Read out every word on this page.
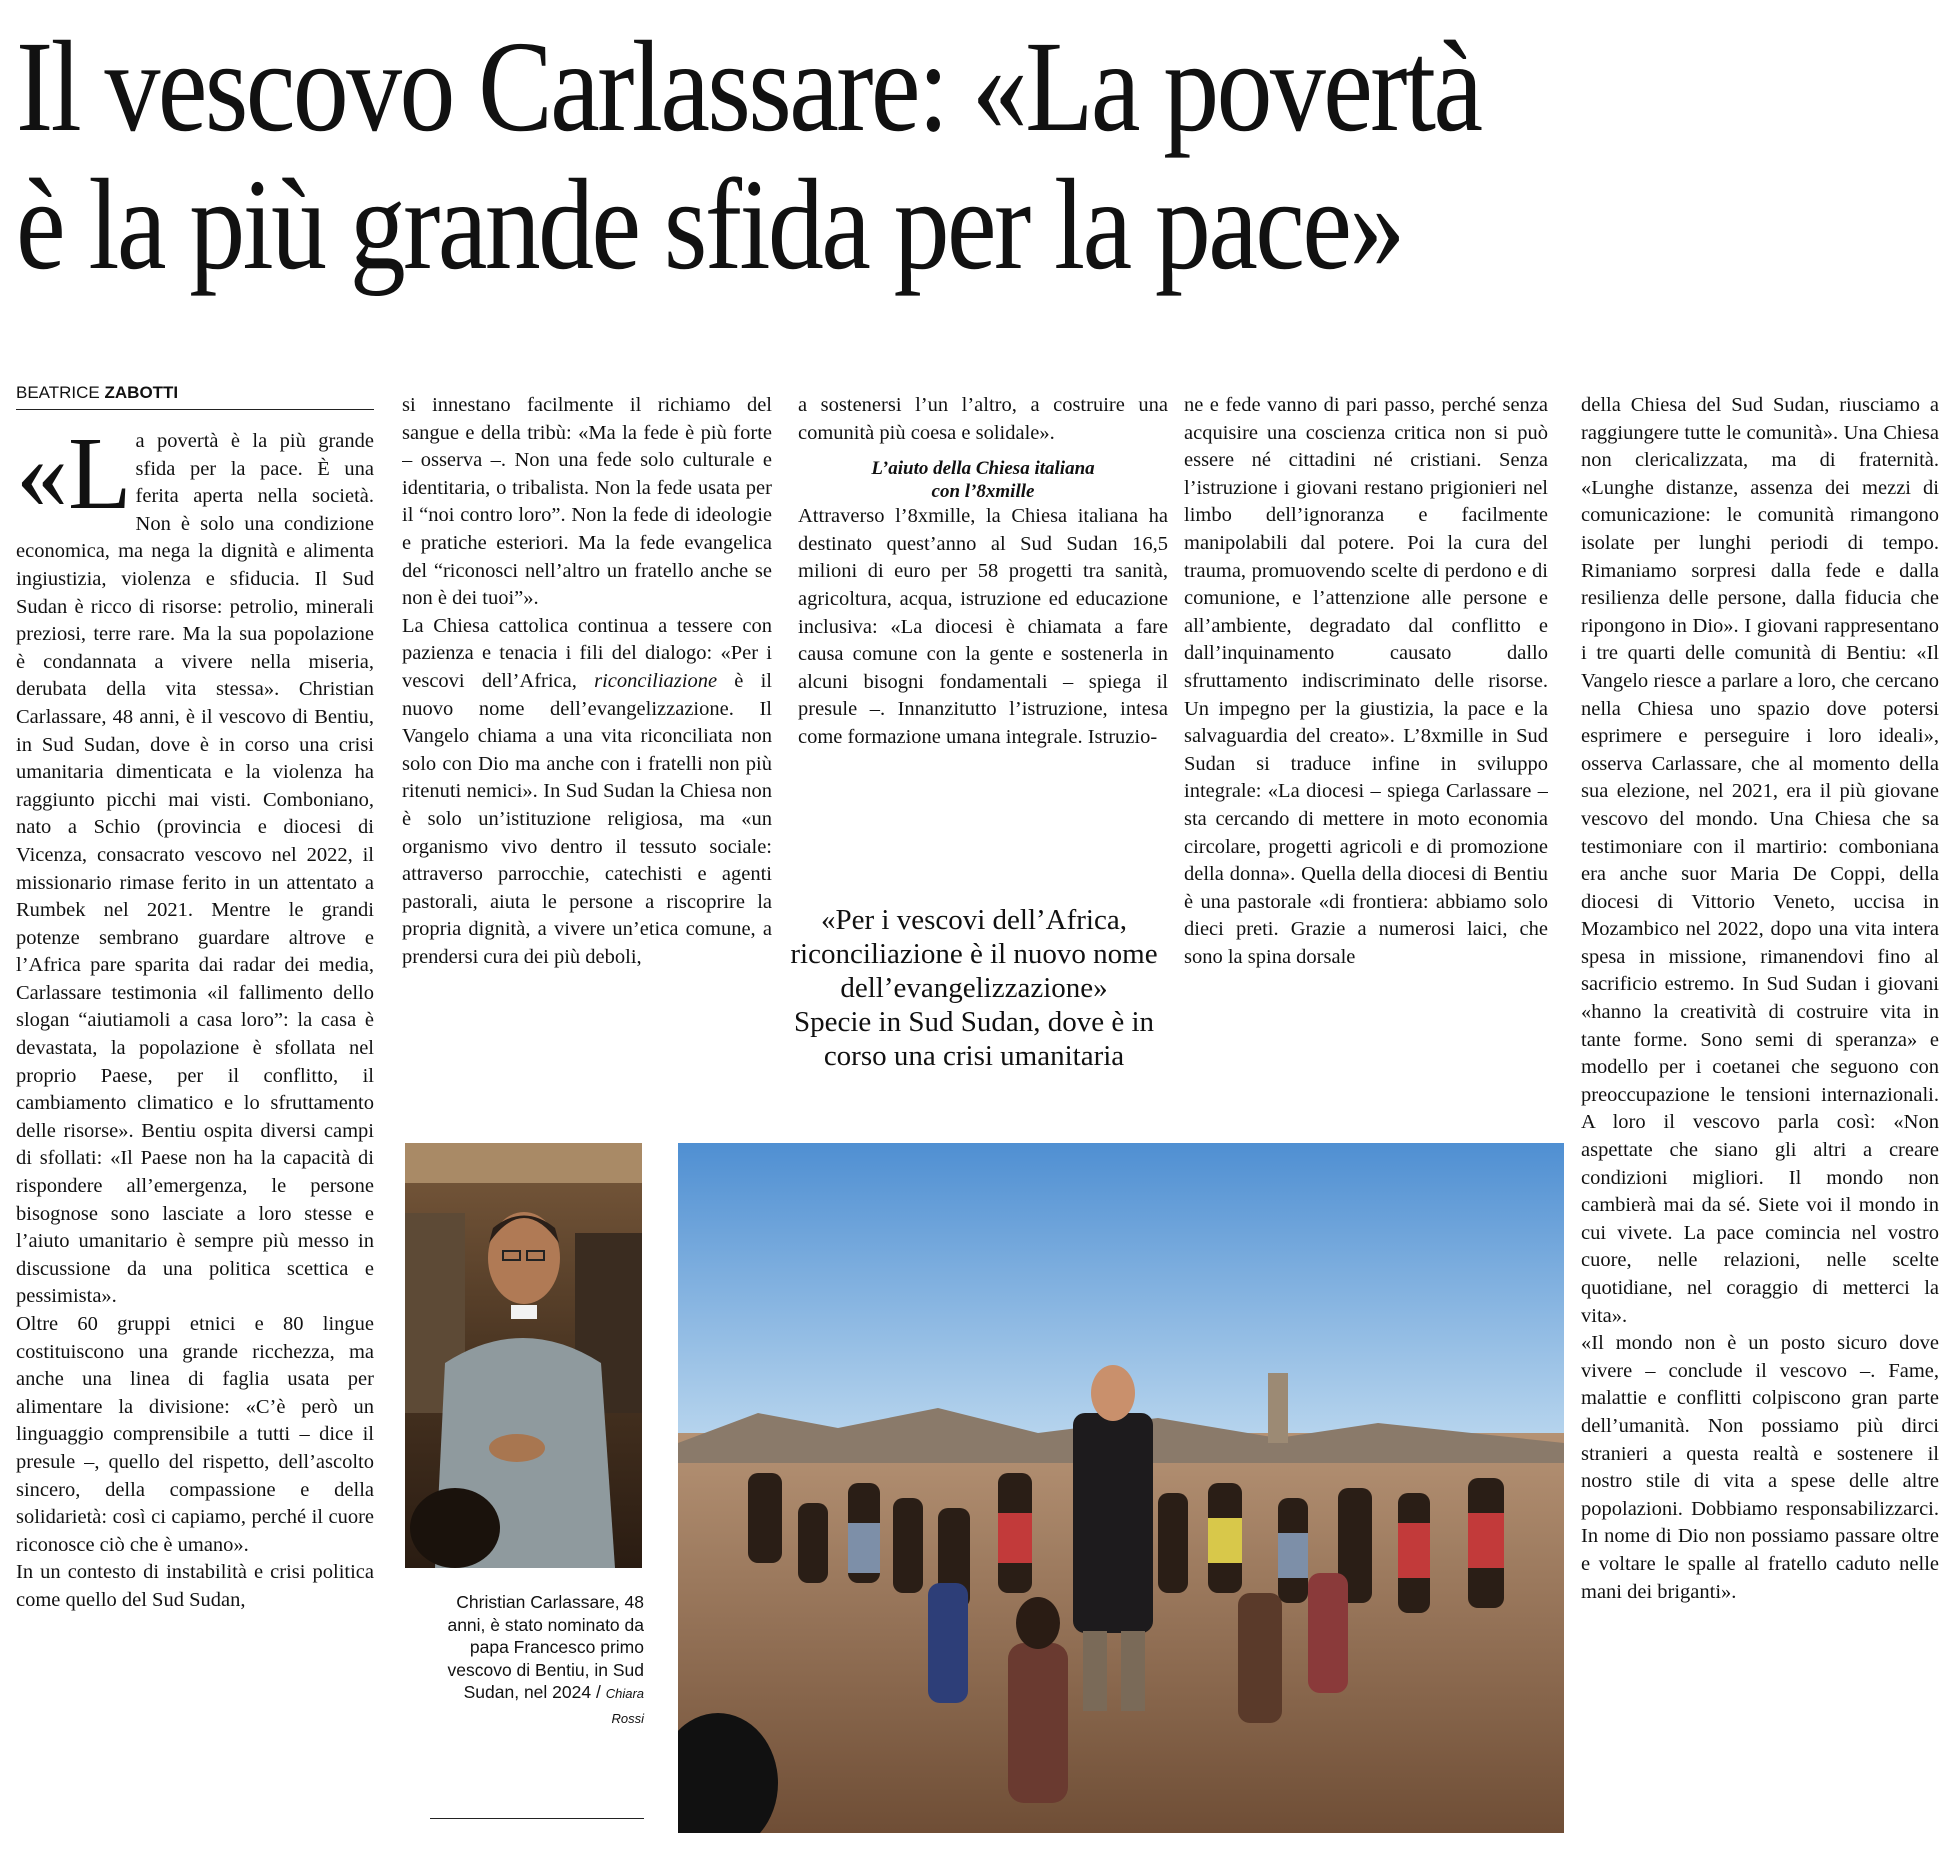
Il vescovo Carlassare: «La povertà
è la più grande sfida per la pace»
BEATRICE ZABOTTI

«La povertà è la più grande sfida per la pace. È una ferita aperta nella società. Non è solo una condizione economica, ma nega la dignità e alimenta ingiustizia, violenza e sfiducia. Il Sud Sudan è ricco di risorse: petrolio, minerali preziosi, terre rare. Ma la sua popolazione è condannata a vivere nella miseria, derubata della vita stessa». Christian Carlassare, 48 anni, è il vescovo di Bentiu, in Sud Sudan, dove è in corso una crisi umanitaria dimenticata e la violenza ha raggiunto picchi mai visti. Comboniano, nato a Schio (provincia e diocesi di Vicenza, consacrato vescovo nel 2022, il missionario rimase ferito in un attentato a Rumbek nel 2021. Mentre le grandi potenze sembrano guardare altrove e l’Africa pare sparita dai radar dei media, Carlassare testimonia «il fallimento dello slogan “aiutiamoli a casa loro”: la casa è devastata, la popolazione è sfollata nel proprio Paese, per il conflitto, il cambiamento climatico e lo sfruttamento delle risorse». Bentiu ospita diversi campi di sfollati: «Il Paese non ha la capacità di rispondere all’emergenza, le persone bisognose sono lasciate a loro stesse e l’aiuto umanitario è sempre più messo in discussione da una politica scettica e pessimista».

Oltre 60 gruppi etnici e 80 lingue costituiscono una grande ricchezza, ma anche una linea di faglia usata per alimentare la divisione: «C’è però un linguaggio comprensibile a tutti – dice il presule –, quello del rispetto, dell’ascolto sincero, della compassione e della solidarietà: così ci capiamo, perché il cuore riconosce ciò che è umano».

In un contesto di instabilità e crisi politica come quello del Sud Sudan,

si innestano facilmente il richiamo del sangue e della tribù: «Ma la fede è più forte – osserva –. Non una fede solo culturale e identitaria, o tribalista. Non la fede usata per il “noi contro loro”. Non la fede di ideologie e pratiche esteriori. Ma la fede evangelica del “riconosci nell’altro un fratello anche se non è dei tuoi”».

La Chiesa cattolica continua a tessere con pazienza e tenacia i fili del dialogo: «Per i vescovi dell’Africa, riconciliazione è il nuovo nome dell’evangelizzazione. Il Vangelo chiama a una vita riconciliata non solo con Dio ma anche con i fratelli non più ritenuti nemici». In Sud Sudan la Chiesa non è solo un’istituzione religiosa, ma «un organismo vivo dentro il tessuto sociale: attraverso parrocchie, catechisti e agenti pastorali, aiuta le persone a riscoprire la propria dignità, a vivere un’etica comune, a prendersi cura dei più deboli,

a sostenersi l’un l’altro, a costruire una comunità più coesa e solidale».

L’aiuto della Chiesa italiana
con l’8xmille

Attraverso l’8xmille, la Chiesa italiana ha destinato quest’anno al Sud Sudan 16,5 milioni di euro per 58 progetti tra sanità, agricoltura, acqua, istruzione ed educazione inclusiva: «La diocesi è chiamata a fare causa comune con la gente e sostenerla in alcuni bisogni fondamentali – spiega il presule –. Innanzitutto l’istruzione, intesa come formazione umana integrale. Istruzio-

«Per i vescovi dell’Africa, riconciliazione è il nuovo nome dell’evangelizzazione»
Specie in Sud Sudan, dove è in corso una crisi umanitaria

ne e fede vanno di pari passo, perché senza acquisire una coscienza critica non si può essere né cittadini né cristiani. Senza l’istruzione i giovani restano prigionieri nel limbo dell’ignoranza e facilmente manipolabili dal potere. Poi la cura del trauma, promuovendo scelte di perdono e di comunione, e l’attenzione alle persone e all’ambiente, degradato dal conflitto e dall’inquinamento causato dallo sfruttamento indiscriminato delle risorse. Un impegno per la giustizia, la pace e la salvaguardia del creato». L’8xmille in Sud Sudan si traduce infine in sviluppo integrale: «La diocesi – spiega Carlassare – sta cercando di mettere in moto economia circolare, progetti agricoli e di promozione della donna». Quella della diocesi di Bentiu è una pastorale «di frontiera: abbiamo solo dieci preti. Grazie a numerosi laici, che sono la spina dorsale

della Chiesa del Sud Sudan, riusciamo a raggiungere tutte le comunità». Una Chiesa non clericalizzata, ma di fraternità. «Lunghe distanze, assenza dei mezzi di comunicazione: le comunità rimangono isolate per lunghi periodi di tempo. Rimaniamo sorpresi dalla fede e dalla resilienza delle persone, dalla fiducia che ripongono in Dio». I giovani rappresentano i tre quarti delle comunità di Bentiu: «Il Vangelo riesce a parlare a loro, che cercano nella Chiesa uno spazio dove potersi esprimere e perseguire i loro ideali», osserva Carlassare, che al momento della sua elezione, nel 2021, era il più giovane vescovo del mondo. Una Chiesa che sa testimoniare con il martirio: comboniana era anche suor Maria De Coppi, della diocesi di Vittorio Veneto, uccisa in Mozambico nel 2022, dopo una vita intera spesa in missione, rimanendovi fino al sacrificio estremo. In Sud Sudan i giovani «hanno la creatività di costruire vita in tante forme. Sono semi di speranza» e modello per i coetanei che seguono con preoccupazione le tensioni internazionali. A loro il vescovo parla così: «Non aspettate che siano gli altri a creare condizioni migliori. Il mondo non cambierà mai da sé. Siete voi il mondo in cui vivete. La pace comincia nel vostro cuore, nelle relazioni, nelle scelte quotidiane, nel coraggio di metterci la vita».

«Il mondo non è un posto sicuro dove vivere – conclude il vescovo –. Fame, malattie e conflitti colpiscono gran parte dell’umanità. Non possiamo più dirci stranieri a questa realtà e sostenere il nostro stile di vita a spese delle altre popolazioni. Dobbiamo responsabilizzarci. In nome di Dio non possiamo passare oltre e voltare le spalle al fratello caduto nelle mani dei briganti».

Christian Carlassare, 48 anni, è stato nominato da papa Francesco primo vescovo di Bentiu, in Sud Sudan, nel 2024 / Chiara Rossi
